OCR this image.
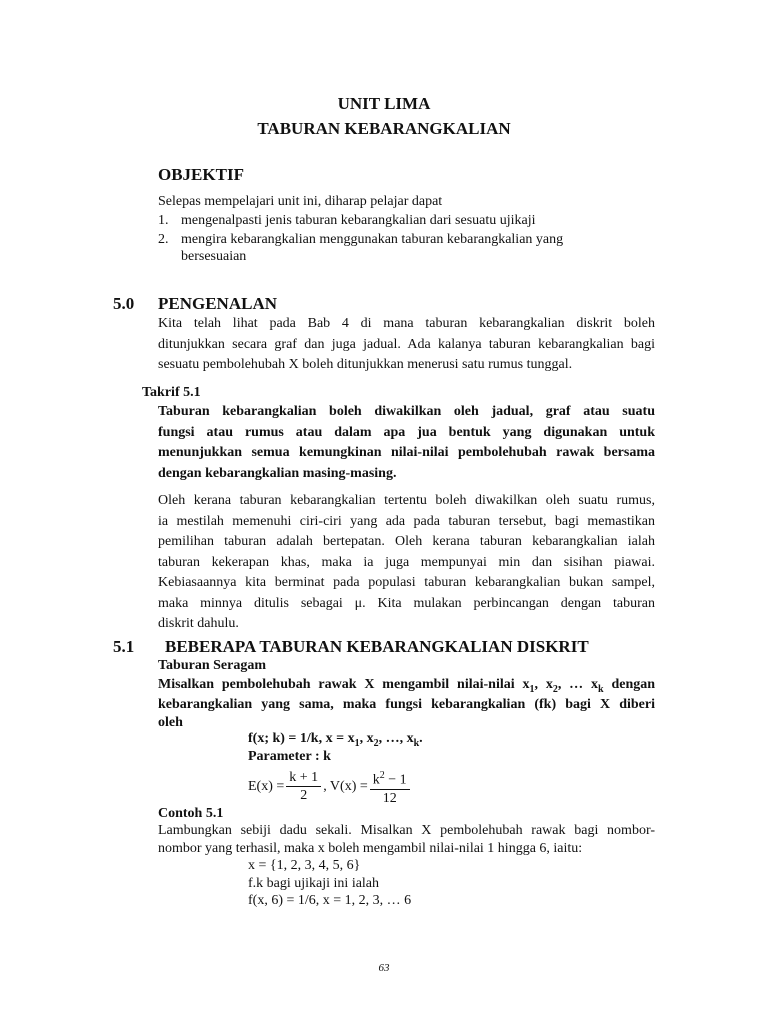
UNIT LIMA
TABURAN KEBARANGKALIAN
OBJEKTIF
Selepas mempelajari unit ini, diharap pelajar dapat
1. mengenalpasti jenis taburan kebarangkalian dari sesuatu ujikaji
2. mengira kebarangkalian menggunakan taburan kebarangkalian yang
bersesuaian
5.0 PENGENALAN
Kita telah lihat pada Bab 4 di mana taburan kebarangkalian diskrit boleh
ditunjukkan secara graf dan juga jadual. Ada kalanya taburan kebarangkalian bagi
sesuatu pembolehubah X boleh ditunjukkan menerusi satu rumus tunggal.
Takrif 5.1
Taburan kebarangkalian boleh diwakilkan oleh jadual, graf atau suatu
fungsi atau rumus atau dalam apa jua bentuk yang digunakan untuk
menunjukkan semua kemungkinan nilai-nilai pembolehubah rawak bersama
dengan kebarangkalian masing-masing.
Oleh kerana taburan kebarangkalian tertentu boleh diwakilkan oleh suatu rumus,
ia mestilah memenuhi ciri-ciri yang ada pada taburan tersebut, bagi memastikan
pemilihan taburan adalah bertepatan. Oleh kerana taburan kebarangkalian ialah
taburan kekerapan khas, maka ia juga mempunyai min dan sisihan piawai.
Kebiasaannya kita berminat pada populasi taburan kebarangkalian bukan sampel,
maka minnya ditulis sebagai μ. Kita mulakan perbincangan dengan taburan
diskrit dahulu.
5.1 BEBERAPA TABURAN KEBARANGKALIAN DISKRIT
Taburan Seragam
Misalkan pembolehubah rawak X mengambil nilai-nilai $x_1$, $x_2$, … $x_k$ dengan
kebarangkalian yang sama, maka fungsi kebarangkalian (fk) bagi X diberi
oleh
f(x; k) = 1/k, $x = x_1$, $x_2$, …, $x_k$.
Parameter : k
$E(x) = \frac{k + 1}{2}$ , $V(x) = \frac{k^2 - 1}{12}$
Contoh 5.1
Lambungkan sebiji dadu sekali. Misalkan X pembolehubah rawak bagi nombor-
nombor yang terhasil, maka x boleh mengambil nilai-nilai 1 hingga 6, iaitu:
x = {1, 2, 3, 4, 5, 6}
f.k bagi ujikaji ini ialah
f(x, 6) = 1/6, x = 1, 2, 3, … 6
63
